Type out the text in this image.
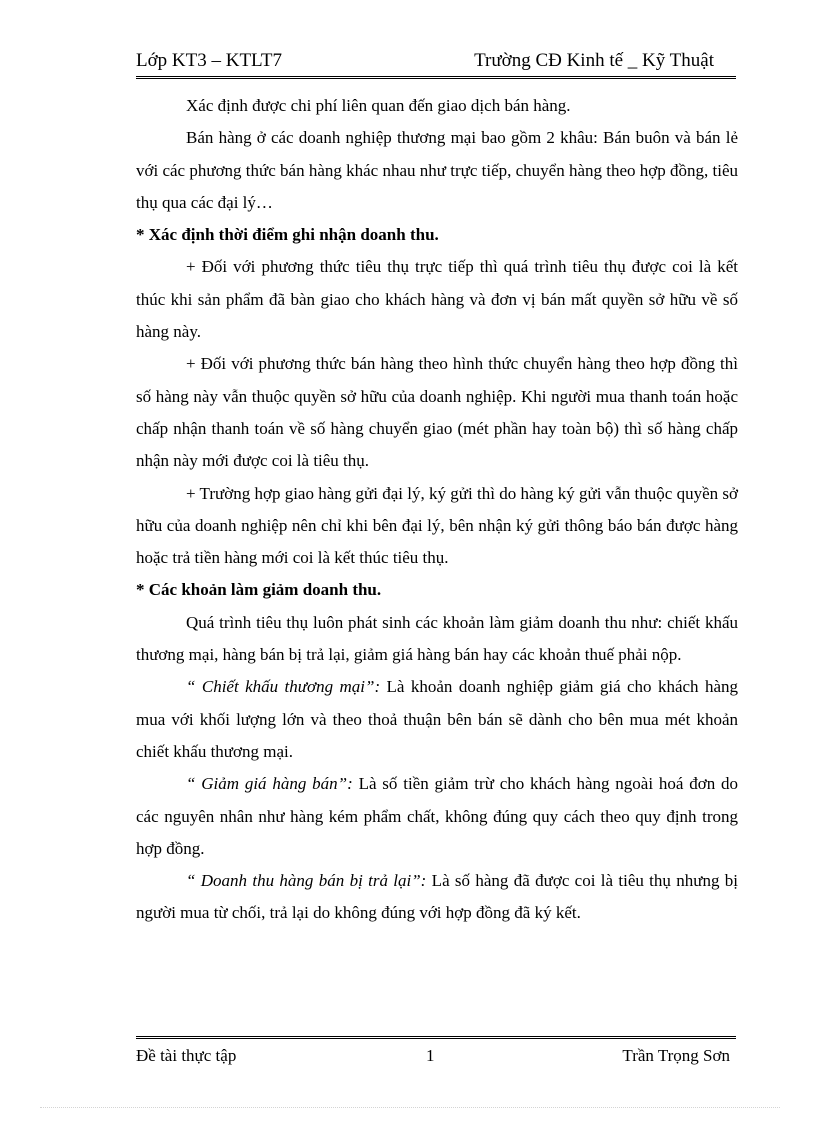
Lớp KT3 – KTLT7	Trường CĐ Kinh tế _ Kỹ Thuật

Xác định được chi phí liên quan đến giao dịch bán hàng.

Bán hàng ở các doanh nghiệp thương mại bao gồm 2 khâu: Bán buôn và bán lẻ với các phương thức bán hàng khác nhau như trực tiếp, chuyển hàng theo hợp đồng, tiêu thụ qua các đại lý…

* Xác định thời điểm ghi nhận doanh thu.

+ Đối với phương thức tiêu thụ trực tiếp thì quá trình tiêu thụ được coi là kết thúc khi sản phẩm đã bàn giao cho khách hàng và đơn vị bán mất quyền sở hữu về số hàng này.

+ Đối với phương thức bán hàng theo hình thức chuyển hàng theo hợp đồng thì số hàng này vẫn thuộc quyền sở hữu của doanh nghiệp. Khi người mua thanh toán hoặc chấp nhận thanh toán về số hàng chuyển giao (mét phần hay toàn bộ) thì số hàng chấp nhận này mới được coi là tiêu thụ.

+ Trường hợp giao hàng gửi đại lý, ký gửi thì do hàng ký gửi vẫn thuộc quyền sở hữu của doanh nghiệp nên chỉ khi bên đại lý, bên nhận ký gửi thông báo bán được hàng hoặc trả tiền hàng mới coi là kết thúc tiêu thụ.

* Các khoản làm giảm doanh thu.

Quá trình tiêu thụ luôn phát sinh các khoản làm giảm doanh thu như: chiết khấu thương mại, hàng bán bị trả lại, giảm giá hàng bán hay các khoản thuế phải nộp.

“ Chiết khấu thương mại”: Là khoản doanh nghiệp giảm giá cho khách hàng mua với khối lượng lớn và theo thoả thuận bên bán sẽ dành cho bên mua mét khoản chiết khấu thương mại.

“ Giảm giá hàng bán”: Là số tiền giảm trừ cho khách hàng ngoài hoá đơn do các nguyên nhân như hàng kém phẩm chất, không đúng quy cách theo quy định trong hợp đồng.

“ Doanh thu hàng bán bị trả lại”: Là số hàng đã được coi là tiêu thụ nhưng bị người mua từ chối, trả lại do không đúng với hợp đồng đã ký kết.

Đề tài thực tập	1	Trần Trọng Sơn
